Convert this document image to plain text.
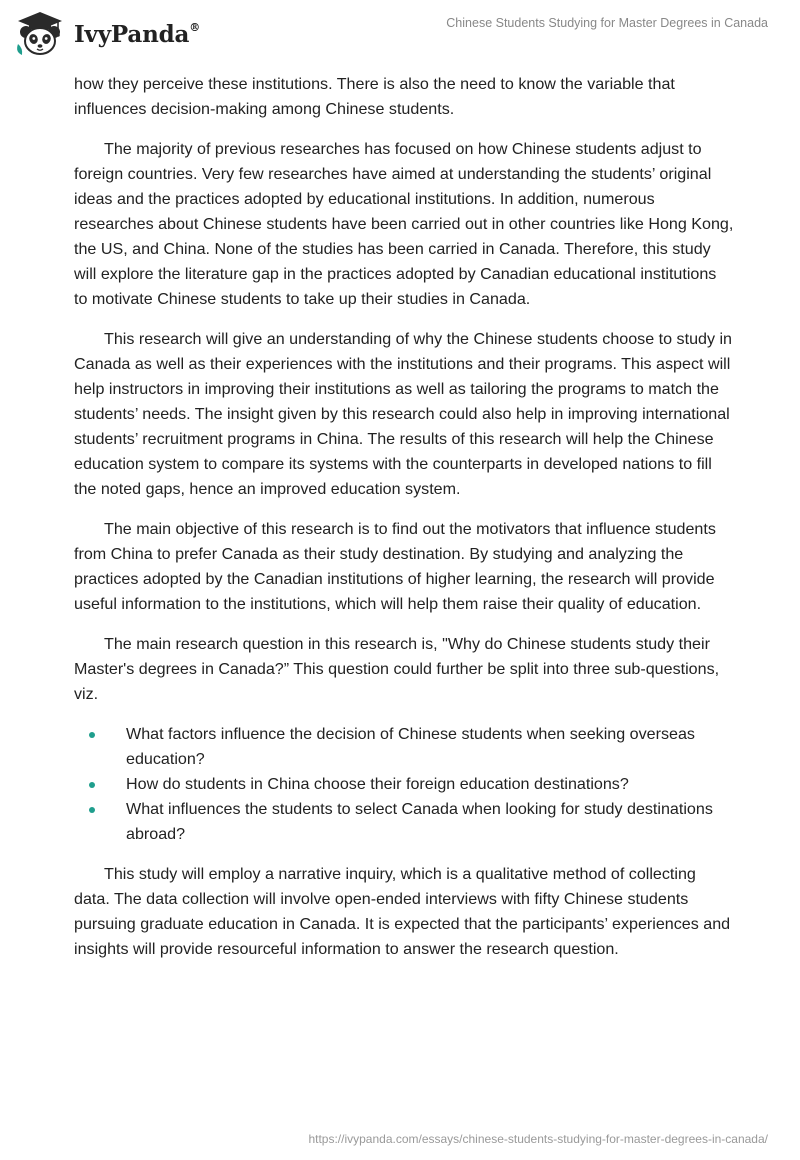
IvyPanda®	Chinese Students Studying for Master Degrees in Canada

how they perceive these institutions. There is also the need to know the variable that influences decision-making among Chinese students.

The majority of previous researches has focused on how Chinese students adjust to foreign countries. Very few researches have aimed at understanding the students’ original ideas and the practices adopted by educational institutions. In addition, numerous researches about Chinese students have been carried out in other countries like Hong Kong, the US, and China. None of the studies has been carried in Canada. Therefore, this study will explore the literature gap in the practices adopted by Canadian educational institutions to motivate Chinese students to take up their studies in Canada.

This research will give an understanding of why the Chinese students choose to study in Canada as well as their experiences with the institutions and their programs. This aspect will help instructors in improving their institutions as well as tailoring the programs to match the students’ needs. The insight given by this research could also help in improving international students’ recruitment programs in China. The results of this research will help the Chinese education system to compare its systems with the counterparts in developed nations to fill the noted gaps, hence an improved education system.

The main objective of this research is to find out the motivators that influence students from China to prefer Canada as their study destination. By studying and analyzing the practices adopted by the Canadian institutions of higher learning, the research will provide useful information to the institutions, which will help them raise their quality of education.

The main research question in this research is, "Why do Chinese students study their Master's degrees in Canada?” This question could further be split into three sub-questions, viz.

What factors influence the decision of Chinese students when seeking overseas education?
How do students in China choose their foreign education destinations?
What influences the students to select Canada when looking for study destinations abroad?

This study will employ a narrative inquiry, which is a qualitative method of collecting data. The data collection will involve open-ended interviews with fifty Chinese students pursuing graduate education in Canada. It is expected that the participants’ experiences and insights will provide resourceful information to answer the research question.

https://ivypanda.com/essays/chinese-students-studying-for-master-degrees-in-canada/
